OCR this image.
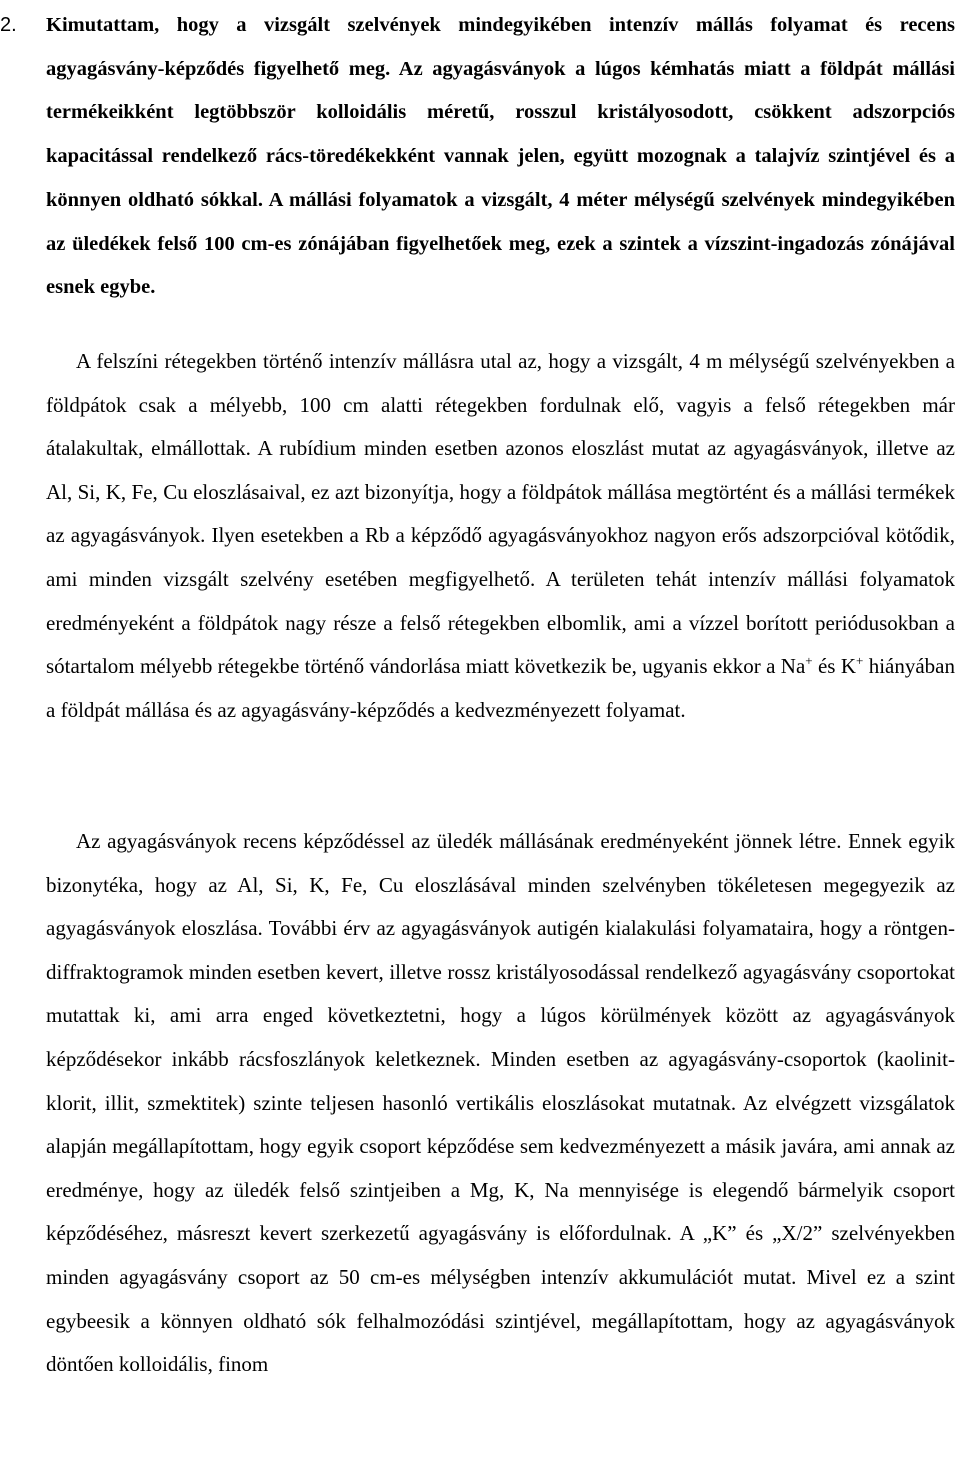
2. Kimutattam, hogy a vizsgált szelvények mindegyikében intenzív mállás folyamat és recens agyagásvány-képződés figyelhető meg. Az agyagásványok a lúgos kémhatás miatt a földpát mállási termékeikként legtöbbször kolloidális méretű, rosszul kristályosodott, csökkent adszorpciós kapacitással rendelkező rács-töredékekként vannak jelen, együtt mozognak a talajvíz szintjével és a könnyen oldható sókkal. A mállási folyamatok a vizsgált, 4 méter mélységű szelvények mindegyikében az üledékek felső 100 cm-es zónájában figyelhetőek meg, ezek a szintek a vízszint-ingadozás zónájával esnek egybe.

A felszíni rétegekben történő intenzív mállásra utal az, hogy a vizsgált, 4 m mélységű szelvényekben a földpátok csak a mélyebb, 100 cm alatti rétegekben fordulnak elő, vagyis a felső rétegekben már átalakultak, elmállottak. A rubídium minden esetben azonos eloszlást mutat az agyagásványok, illetve az Al, Si, K, Fe, Cu eloszlásaival, ez azt bizonyítja, hogy a földpátok mállása megtörtént és a mállási termékek az agyagásványok. Ilyen esetekben a Rb a képződő agyagásványokhoz nagyon erős adszorpcióval kötődik, ami minden vizsgált szelvény esetében megfigyelhető. A területen tehát intenzív mállási folyamatok eredményeként a földpátok nagy része a felső rétegekben elbomlik, ami a vízzel borított periódusokban a sótartalom mélyebb rétegekbe történő vándorlása miatt következik be, ugyanis ekkor a Na+ és K+ hiányában a földpát mállása és az agyagásvány-képződés a kedvezményezett folyamat.

Az agyagásványok recens képződéssel az üledék mállásának eredményeként jönnek létre. Ennek egyik bizonytéka, hogy az Al, Si, K, Fe, Cu eloszlásával minden szelvényben tökéletesen megegyezik az agyagásványok eloszlása. További érv az agyagásványok autigén kialakulási folyamataira, hogy a röntgen-diffraktogramok minden esetben kevert, illetve rossz kristályosodással rendelkező agyagásvány csoportokat mutattak ki, ami arra enged következtetni, hogy a lúgos körülmények között az agyagásványok képződésekor inkább rácsfoszlányok keletkeznek. Minden esetben az agyagásvány-csoportok (kaolinit-klorit, illit, szmektitek) szinte teljesen hasonló vertikális eloszlásokat mutatnak. Az elvégzett vizsgálatok alapján megállapítottam, hogy egyik csoport képződése sem kedvezményezett a másik javára, ami annak az eredménye, hogy az üledék felső szintjeiben a Mg, K, Na mennyisége is elegendő bármelyik csoport képződéséhez, másreszt kevert szerkezetű agyagásvány is előfordulnak. A „K” és „X/2” szelvényekben minden agyagásvány csoport az 50 cm-es mélységben intenzív akkumulációt mutat. Mivel ez a szint egybeesik a könnyen oldható sók felhalmozódási szintjével, megállapítottam, hogy az agyagásványok döntően kolloidális, finom
